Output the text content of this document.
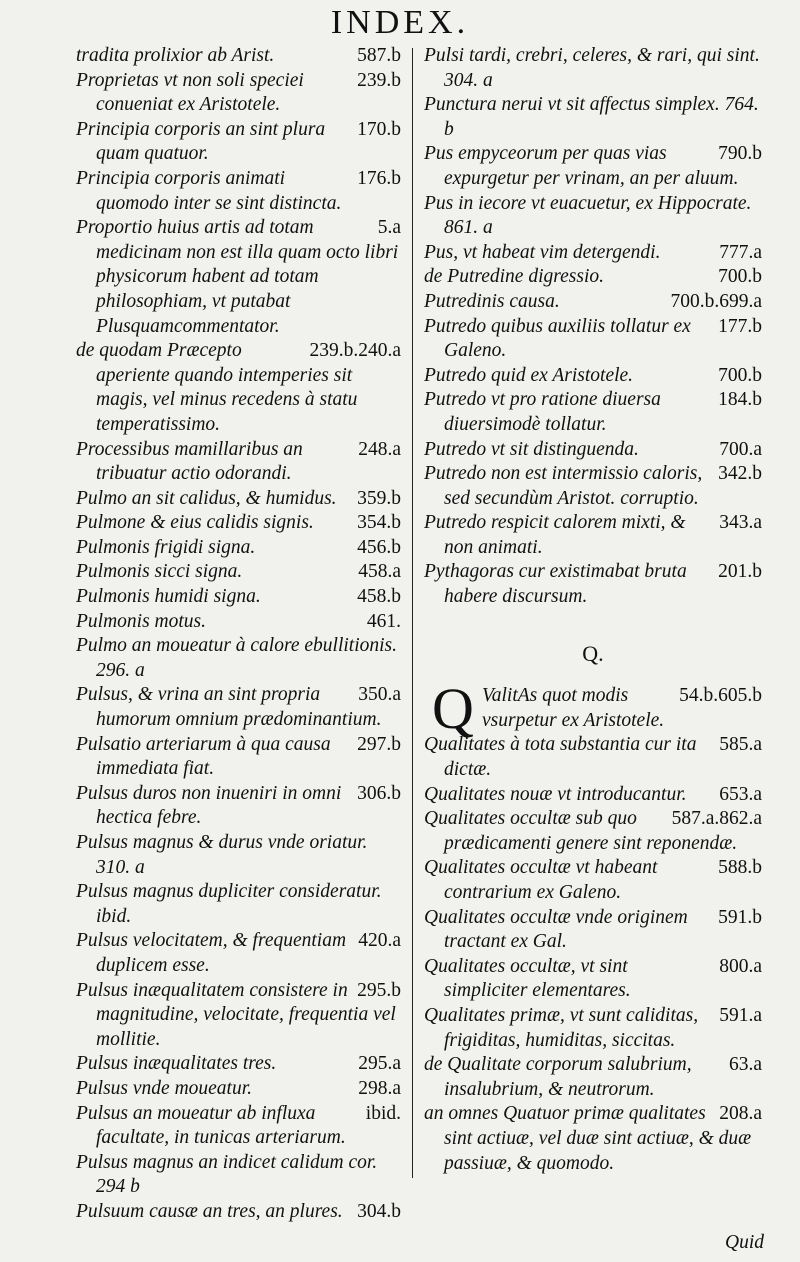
INDEX.
587.b
tradita prolixior ab Arist.
239.b
Proprietas vt non soli speciei conueniat ex Aristotele.
170.b
Principia corporis an sint plura quam quatuor.
176.b
Principia corporis animati quomodo inter se sint distincta.
5.a
Proportio huius artis ad totam medicinam non est illa quam octo libri physicorum habent ad totam philosophiam, vt putabat Plusquamcommentator.
239.b.240.a
de quodam Præcepto aperiente quando intemperies sit magis, vel minus recedens à statu temperatissimo.
248.a
Processibus mamillaribus an tribuatur actio odorandi.
359.b
Pulmo an sit calidus, & humidus.
354.b
Pulmone & eius calidis signis.
456.b
Pulmonis frigidi signa.
458.a
Pulmonis sicci signa.
458.b
Pulmonis humidi signa.
461.
Pulmonis motus.
Pulmo an moueatur à calore ebullitionis. 296. a
350.a
Pulsus, & vrina an sint propria humorum omnium prædominantium.
297.b
Pulsatio arteriarum à qua causa immediata fiat.
306.b
Pulsus duros non inueniri in omni hectica febre.
Pulsus magnus & durus vnde oriatur. 310. a
Pulsus magnus dupliciter consideratur. ibid.
420.a
Pulsus velocitatem, & frequentiam duplicem esse.
295.b
Pulsus inæqualitatem consistere in magnitudine, velocitate, frequentia vel mollitie.
295.a
Pulsus inæqualitates tres.
298.a
Pulsus vnde moueatur.
ibid.
Pulsus an moueatur ab influxa facultate, in tunicas arteriarum.
Pulsus magnus an indicet calidum cor. 294 b
304.b
Pulsuum causæ an tres, an plures.
Pulsi tardi, crebri, celeres, & rari, qui sint. 304. a
Punctura nerui vt sit affectus simplex. 764. b
790.b
Pus empyceorum per quas vias expurgetur per vrinam, an per aluum.
Pus in iecore vt euacuetur, ex Hippocrate. 861. a
777.a
Pus, vt habeat vim detergendi.
700.b
de Putredine digressio.
700.b.699.a
Putredinis causa.
177.b
Putredo quibus auxiliis tollatur ex Galeno.
700.b
Putredo quid ex Aristotele.
184.b
Putredo vt pro ratione diuersa diuersimodè tollatur.
700.a
Putredo vt sit distinguenda.
342.b
Putredo non est intermissio caloris, sed secundùm Aristot. corruptio.
343.a
Putredo respicit calorem mixti, & non animati.
201.b
Pythagoras cur existimabat bruta habere discursum.
Q.
Q	54.b.605.b
ValitAs quot modis vsurpetur ex Aristotele.
585.a
Qualitates à tota substantia cur ita dictæ.
653.a
Qualitates nouæ vt introducantur.
587.a.862.a
Qualitates occultæ sub quo prædicamenti genere sint reponendæ.
588.b
Qualitates occultæ vt habeant contrarium ex Galeno.
591.b
Qualitates occultæ vnde originem tractant ex Gal.
800.a
Qualitates occultæ, vt sint simpliciter elementares.
591.a
Qualitates primæ, vt sunt caliditas, frigiditas, humiditas, siccitas.
63.a
de Qualitate corporum salubrium, insalubrium, & neutrorum.
208.a
an omnes Quatuor primæ qualitates sint actiuæ, vel duæ sint actiuæ, & duæ passiuæ, & quomodo.
Quid
